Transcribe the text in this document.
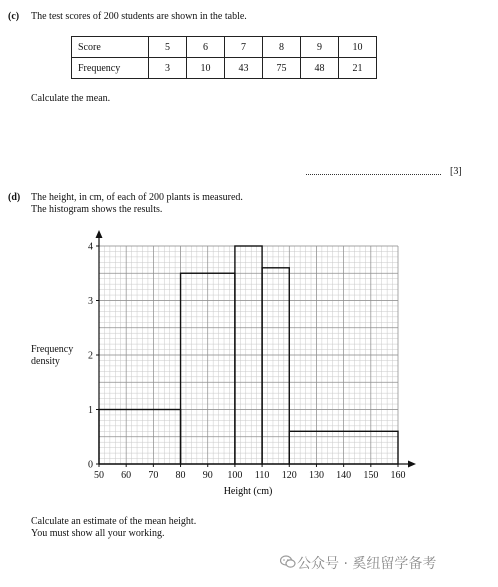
(c) The test scores of 200 students are shown in the table.
Score	5	6	7	8	9	10
Frequency	3	10	43	75	48	21
Calculate the mean.
[3]
(d) The height, in cm, of each of 200 plants is measured.
The histogram shows the results.
50 60 70 80 90 100 110 120 130 140 150 160
0
1
2
3
4
Height (cm)
Frequency
density
Calculate an estimate of the mean height.
You must show all your working.
公众号 · 奚纽留学备考
